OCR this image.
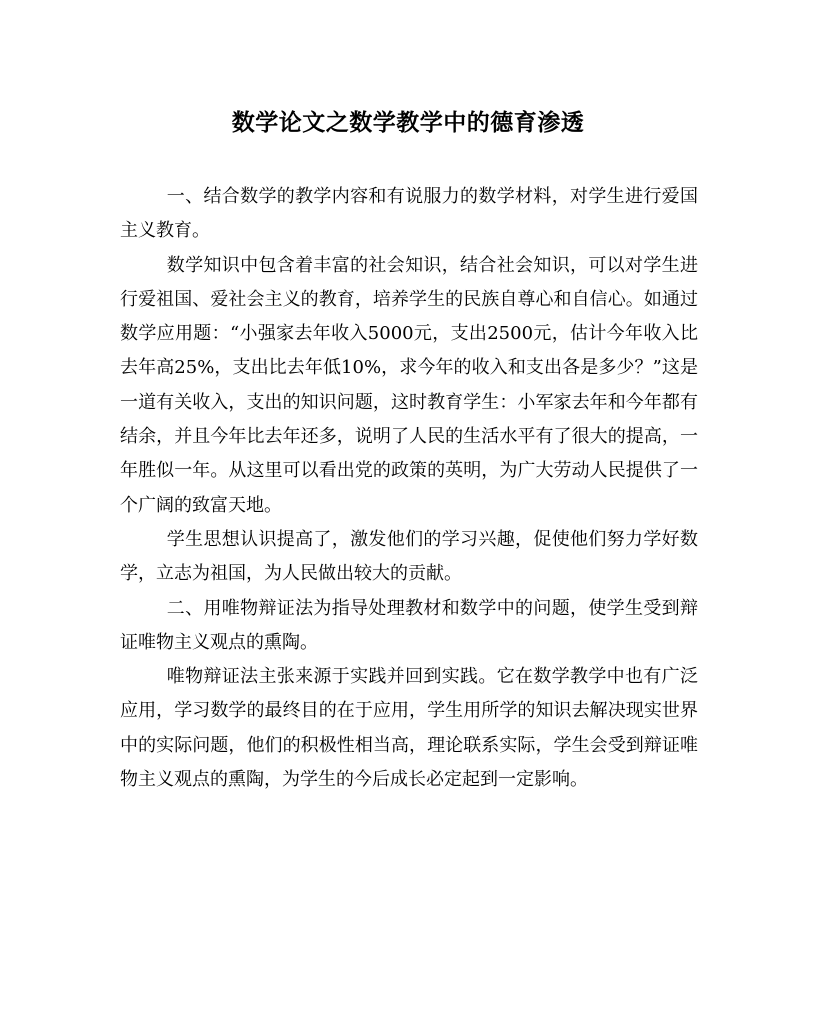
数学论文之数学教学中的德育渗透

一、结合数学的教学内容和有说服力的数学材料，对学生进行爱国主义教育。

数学知识中包含着丰富的社会知识，结合社会知识，可以对学生进行爱祖国、爱社会主义的教育，培养学生的民族自尊心和自信心。如通过数学应用题：“小强家去年收入5000元，支出2500元，估计今年收入比去年高25%，支出比去年低10%，求今年的收入和支出各是多少？”这是一道有关收入，支出的知识问题，这时教育学生：小军家去年和今年都有结余，并且今年比去年还多，说明了人民的生活水平有了很大的提高，一年胜似一年。从这里可以看出党的政策的英明，为广大劳动人民提供了一个广阔的致富天地。

学生思想认识提高了，激发他们的学习兴趣，促使他们努力学好数学，立志为祖国，为人民做出较大的贡献。

二、用唯物辩证法为指导处理教材和数学中的问题，使学生受到辩证唯物主义观点的熏陶。

唯物辩证法主张来源于实践并回到实践。它在数学教学中也有广泛应用，学习数学的最终目的在于应用，学生用所学的知识去解决现实世界中的实际问题，他们的积极性相当高，理论联系实际，学生会受到辩证唯物主义观点的熏陶，为学生的今后成长必定起到一定影响。
